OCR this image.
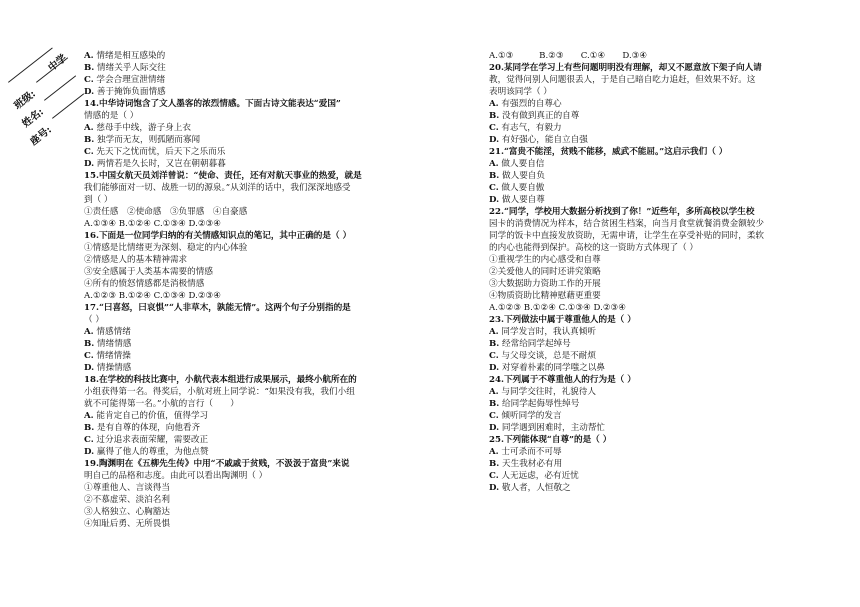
中学
班级:
姓名:
座号:
A. 情绪是相互感染的
B. 情绪关乎人际交往
C. 学会合理宣泄情绪
D. 善于掩饰负面情感
14.中华诗词饱含了文人墨客的浓烈情感。下面古诗文能表达“爱国”
情感的是（ ）
A. 慈母手中线，游子身上衣
B. 独学而无友，则孤陋而寡闻
C. 先天下之忧而忧，后天下之乐而乐
D. 两情若是久长时，又岂在朝朝暮暮
15.中国女航天员刘洋曾说：“使命、责任，还有对航天事业的热爱，就是
我们能够面对一切、战胜一切的源泉。”从刘洋的话中，我们深深地感受
到（ ）
①责任感　②使命感　③负罪感　④自豪感
A.①③④ B.①②④ C.①③④ D.②③④
16.下面是一位同学归纳的有关情感知识点的笔记，其中正确的是（ ）
①情感是比情绪更为深刻、稳定的内心体验
②情感是人的基本精神需求
③安全感属于人类基本需要的情感
④所有的愤怒情感都是消极情感
A.①②③ B.①②④ C.①③④ D.②③④
17.“曰喜怒，曰哀惧”“人非草木，孰能无情”。这两个句子分别指的是
（ ）
A. 情感情绪
B. 情绪情感
C. 情绪情操
D. 情操情感
18.在学校的科技比赛中，小航代表本组进行成果展示，最终小航所在的
小组获得第一名。得奖后，小航对班上同学说：“如果没有我，我们小组
就不可能得第一名。”小航的言行（　　）
A. 能肯定自己的价值，值得学习
B. 是有自尊的体现，向他看齐
C. 过分追求表面荣耀，需要改正
D. 赢得了他人的尊重，为他点赞
19.陶渊明在《五柳先生传》中用“不戚戚于贫贱，不汲汲于富贵”来说
明自己的品格和志度。由此可以看出陶渊明（ ）
①尊重他人、言谈得当
②不慕虚荣、淡泊名利
③人格独立、心胸豁达
④知耻后勇、无所畏惧
A.①③　　　B.②③　　C.①④　　D.③④
20.某同学在学习上有些问题明明没有理解，却又不愿意放下架子向人请
教，觉得问别人问题很丢人，于是自己暗自吃力追赶，但效果不好。这
表明该同学（ ）
A. 有强烈的自尊心
B. 没有做到真正的自尊
C. 有志气，有毅力
D. 有好强心，能自立自强
21.“富贵不能淫，贫贱不能移，威武不能屈。”这启示我们（ ）
A. 做人要自信
B. 做人要自负
C. 做人要自傲
D. 做人要自尊
22.“同学，学校用大数据分析找到了你！”近些年，多所高校以学生校
园卡的消费情况为样本，结合贫困生档案，向当月食堂就餐消费金额较少
同学的饭卡中直接发放资助，无需申请，让学生在享受补贴的同时，柔软
的内心也能得到保护。高校的这一资助方式体现了（ ）
①重视学生的内心感受和自尊
②关爱他人的同时还讲究策略
③大数据助力资助工作的开展
④物质资助比精神慰藉更重要
A.①②③ B.①②④ C.①③④ D.②③④
23.下列做法中属于尊重他人的是（ ）
A. 同学发言时，我认真倾听
B. 经常给同学起绰号
C. 与父母交谈，总是不耐烦
D. 对穿着朴素的同学嗤之以鼻
24.下列属于不尊重他人的行为是（ ）
A. 与同学交往时，礼貌待人
B. 给同学起侮辱性绰号
C. 倾听同学的发言
D. 同学遇到困难时，主动帮忙
25.下列能体现“自尊”的是（ ）
A. 士可杀而不可辱
B. 天生我材必有用
C. 人无远虑，必有近忧
D. 敬人者，人恒敬之
